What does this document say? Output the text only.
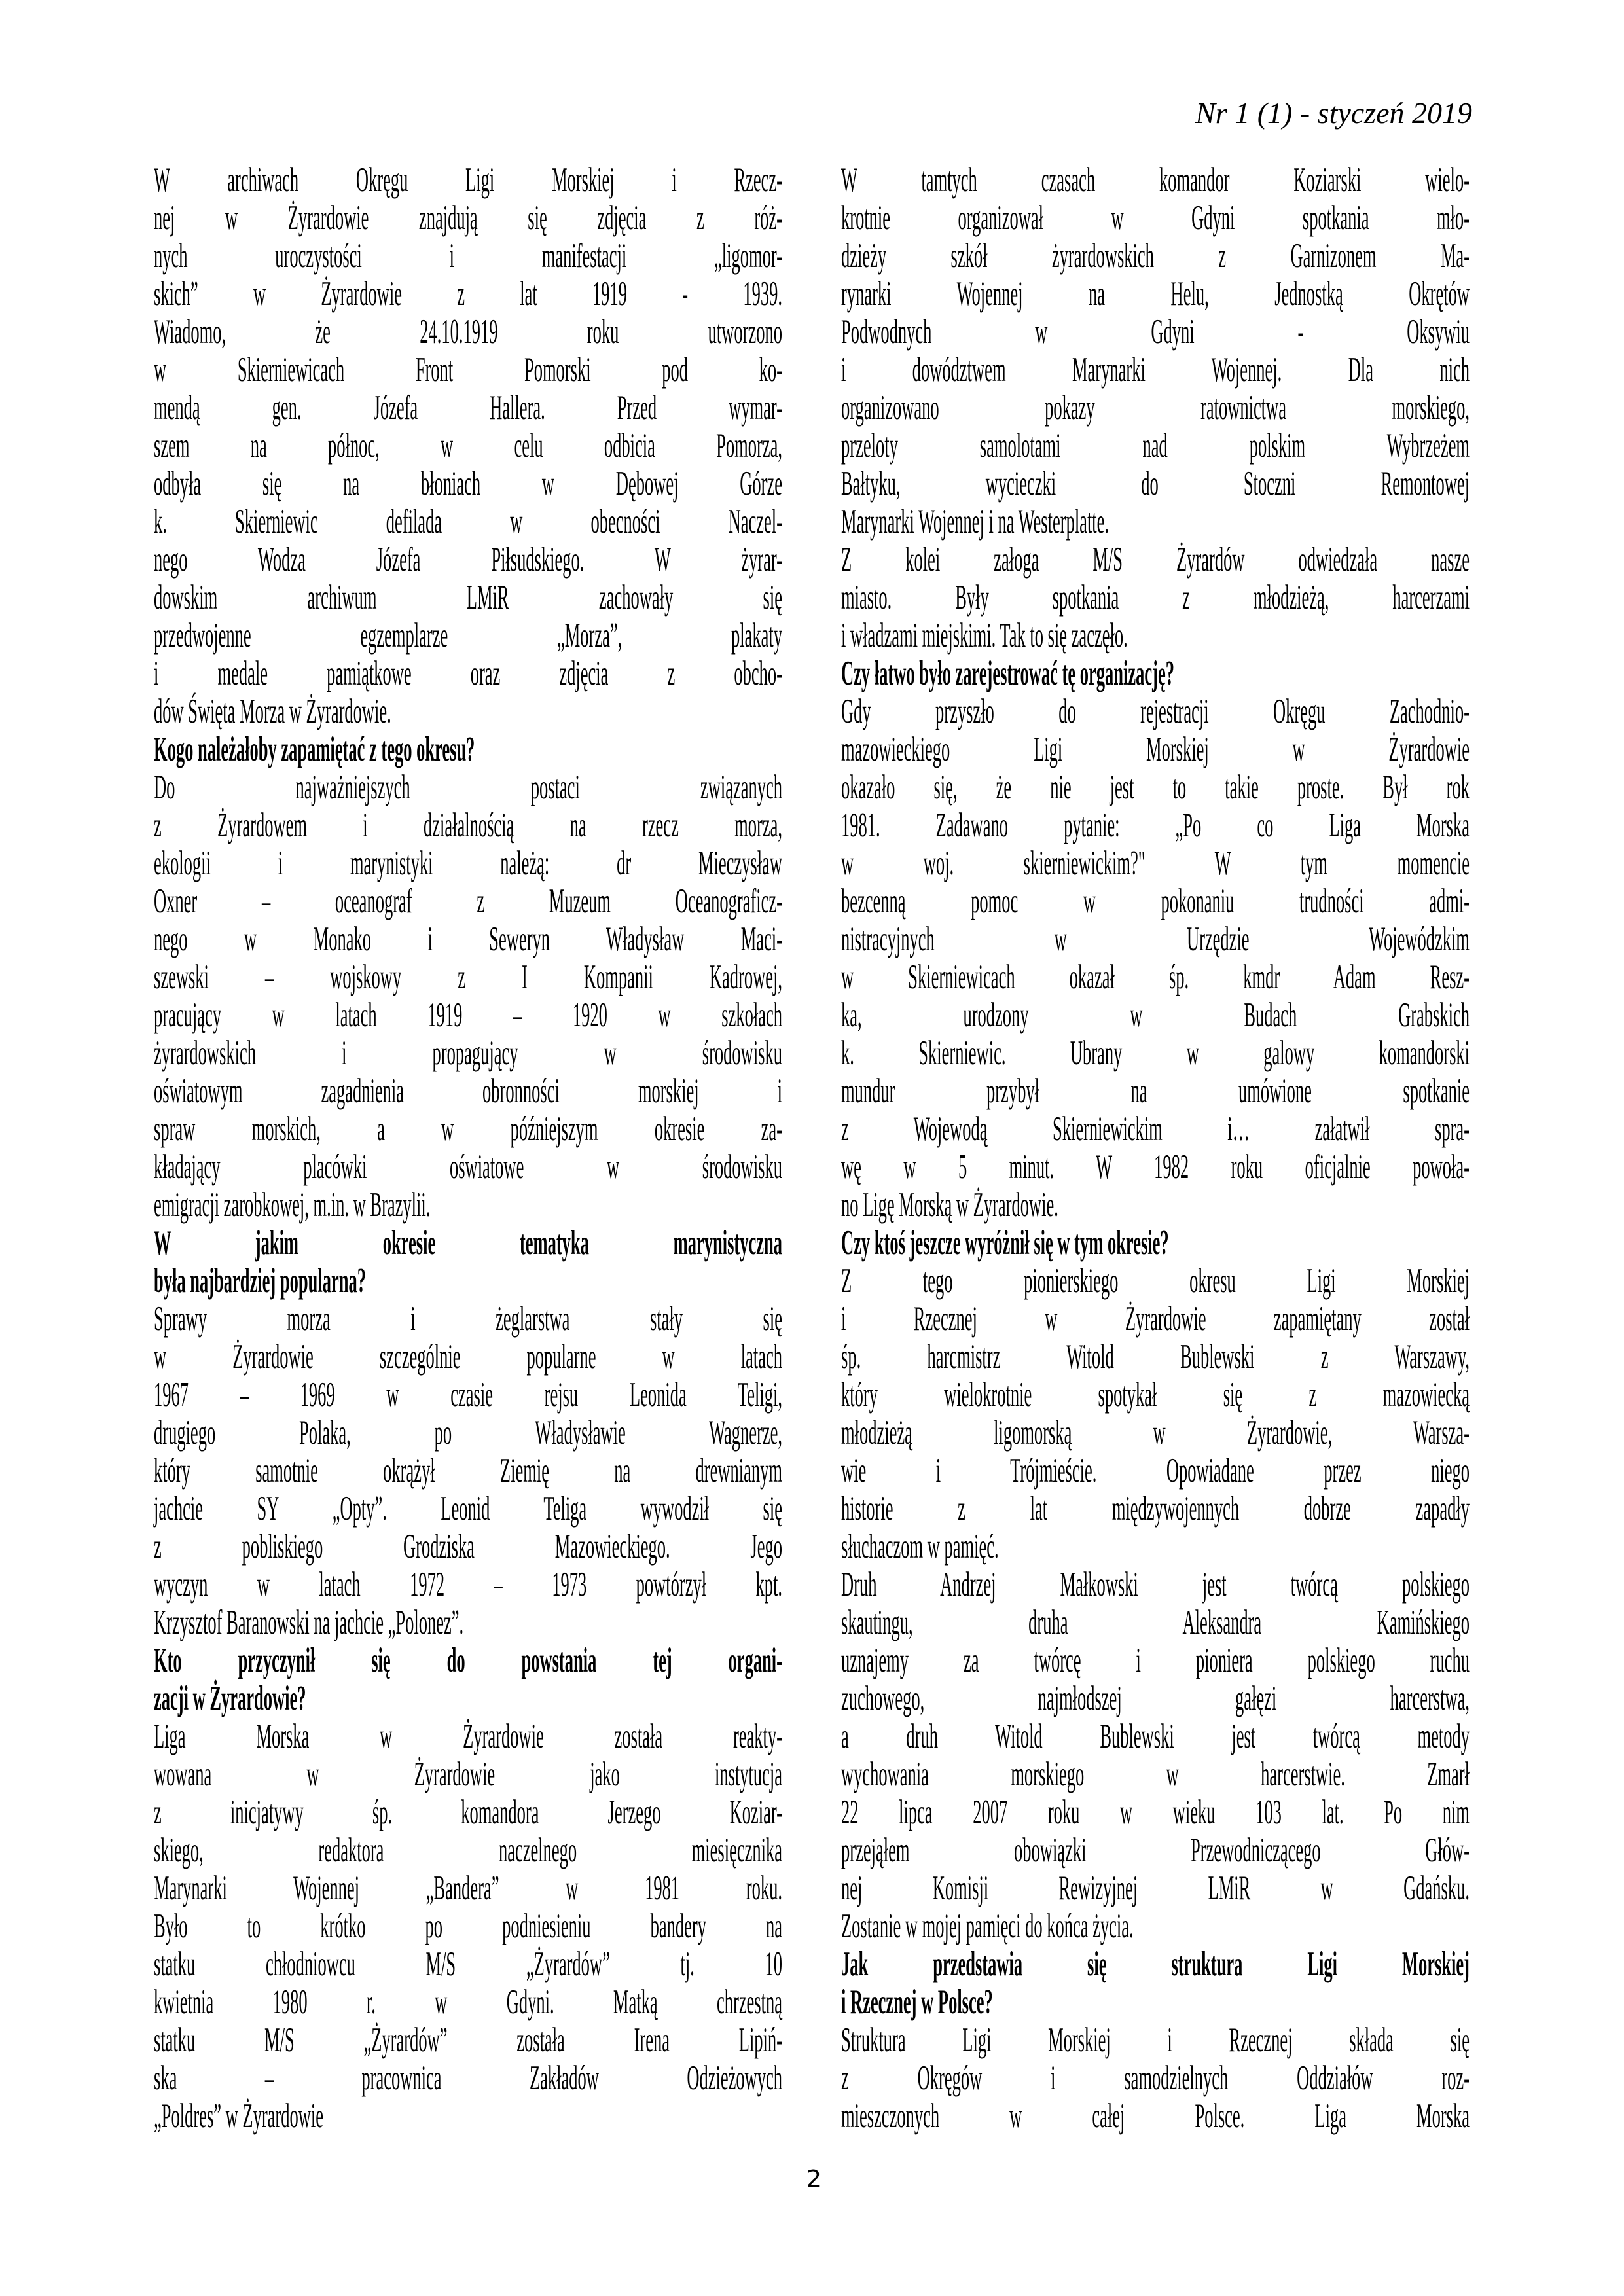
Nr 1 (1) - styczeń 2019
W archiwach Okręgu Ligi Morskiej i Rzecz-
nej w Żyrardowie znajdują się zdjęcia z róż-
nych uroczystości i manifestacji „ligomor-
skich” w Żyrardowie z lat 1919 - 1939.
Wiadomo, że 24.10.1919 roku utworzono
w Skierniewicach Front Pomorski pod ko-
mendą gen. Józefa Hallera. Przed wymar-
szem na północ, w celu odbicia Pomorza,
odbyła się na błoniach w Dębowej Górze
k. Skierniewic defilada w obecności Naczel-
nego Wodza Józefa Piłsudskiego. W żyrar-
dowskim archiwum LMiR zachowały się
przedwojenne egzemplarze „Morza”, plakaty
i medale pamiątkowe oraz zdjęcia z obcho-
dów Święta Morza w Żyrardowie.
Kogo należałoby zapamiętać z tego okresu?
Do najważniejszych postaci związanych
z Żyrardowem i działalnością na rzecz morza,
ekologii i marynistyki należą: dr Mieczysław
Oxner – oceanograf z Muzeum Oceanograficz-
nego w Monako i Seweryn Władysław Maci-
szewski – wojskowy z I Kompanii Kadrowej,
pracujący w latach 1919 – 1920 w szkołach
żyrardowskich i propagujący w środowisku
oświatowym zagadnienia obronności morskiej i
spraw morskich, a w późniejszym okresie za-
kładający placówki oświatowe w środowisku
emigracji zarobkowej, m.in. w Brazylii.
W jakim okresie tematyka marynistyczna
była najbardziej popularna?
Sprawy morza i żeglarstwa stały się
w Żyrardowie szczególnie popularne w latach
1967 – 1969 w czasie rejsu Leonida Teligi,
drugiego Polaka, po Władysławie Wagnerze,
który samotnie okrążył Ziemię na drewnianym
jachcie SY „Opty”. Leonid Teliga wywodził się
z pobliskiego Grodziska Mazowieckiego. Jego
wyczyn w latach 1972 – 1973 powtórzył kpt.
Krzysztof Baranowski na jachcie „Polonez”.
Kto przyczynił się do powstania tej organi-
zacji w Żyrardowie?
Liga Morska w Żyrardowie została reakty-
wowana w Żyrardowie jako instytucja
z inicjatywy śp. komandora Jerzego Koziar-
skiego, redaktora naczelnego miesięcznika
Marynarki Wojennej „Bandera” w 1981 roku.
Było to krótko po podniesieniu bandery na
statku chłodniowcu M/S „Żyrardów” tj. 10
kwietnia 1980 r. w Gdyni. Matką chrzestną
statku M/S „Żyrardów” została Irena Lipiń-
ska – pracownica Zakładów Odzieżowych
„Poldres” w Żyrardowie
W tamtych czasach komandor Koziarski wielo-
krotnie organizował w Gdyni spotkania mło-
dzieży szkół żyrardowskich z Garnizonem Ma-
rynarki Wojennej na Helu, Jednostką Okrętów
Podwodnych w Gdyni - Oksywiu
i dowództwem Marynarki Wojennej. Dla nich
organizowano pokazy ratownictwa morskiego,
przeloty samolotami nad polskim Wybrzeżem
Bałtyku, wycieczki do Stoczni Remontowej
Marynarki Wojennej i na Westerplatte.
Z kolei załoga M/S Żyrardów odwiedzała nasze
miasto. Były spotkania z młodzieżą, harcerzami
i władzami miejskimi. Tak to się zaczęło.
Czy łatwo było zarejestrować tę organizację?
Gdy przyszło do rejestracji Okręgu Zachodnio-
mazowieckiego Ligi Morskiej w Żyrardowie
okazało się, że nie jest to takie proste. Był rok
1981. Zadawano pytanie: „Po co Liga Morska
w woj. skierniewickim?" W tym momencie
bezcenną pomoc w pokonaniu trudności admi-
nistracyjnych w Urzędzie Wojewódzkim
w Skierniewicach okazał śp. kmdr Adam Resz-
ka, urodzony w Budach Grabskich
k. Skierniewic. Ubrany w galowy komandorski
mundur przybył na umówione spotkanie
z Wojewodą Skierniewickim i… załatwił spra-
wę w 5 minut. W 1982 roku oficjalnie powoła-
no Ligę Morską w Żyrardowie.
Czy ktoś jeszcze wyróżnił się w tym okresie?
Z tego pionierskiego okresu Ligi Morskiej
i Rzecznej w Żyrardowie zapamiętany został
śp. harcmistrz Witold Bublewski z Warszawy,
który wielokrotnie spotykał się z mazowiecką
młodzieżą ligomorską w Żyrardowie, Warsza-
wie i Trójmieście. Opowiadane przez niego
historie z lat międzywojennych dobrze zapadły
słuchaczom w pamięć.
Druh Andrzej Małkowski jest twórcą polskiego
skautingu, druha Aleksandra Kamińskiego
uznajemy za twórcę i pioniera polskiego ruchu
zuchowego, najmłodszej gałęzi harcerstwa,
a druh Witold Bublewski jest twórcą metody
wychowania morskiego w harcerstwie. Zmarł
22 lipca 2007 roku w wieku 103 lat. Po nim
przejąłem obowiązki Przewodniczącego Głów-
nej Komisji Rewizyjnej LMiR w Gdańsku.
Zostanie w mojej pamięci do końca życia.
Jak przedstawia się struktura Ligi Morskiej
i Rzecznej w Polsce?
Struktura Ligi Morskiej i Rzecznej składa się
z Okręgów i samodzielnych Oddziałów roz-
mieszczonych w całej Polsce. Liga Morska
2
